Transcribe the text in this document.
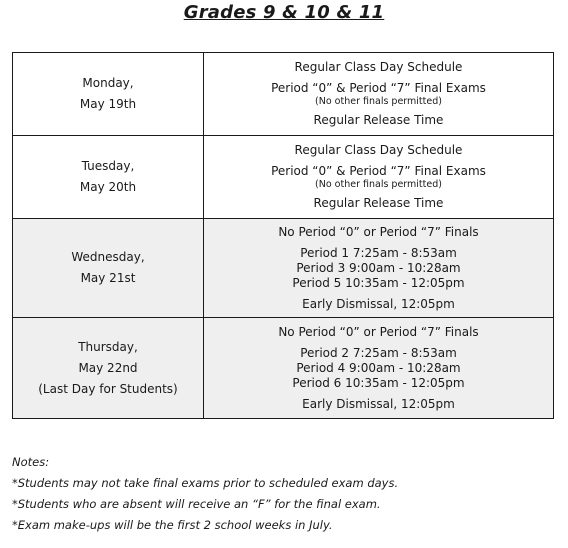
Grades 9 & 10 & 11
Monday,
May 19th	Regular Class Day Schedule
Period “0” & Period “7” Final Exams
(No other finals permitted)
Regular Release Time

Tuesday,
May 20th	Regular Class Day Schedule
Period “0” & Period “7” Final Exams
(No other finals permitted)
Regular Release Time

Wednesday,
May 21st	No Period “0” or Period “7” Finals
Period 1 7:25am - 8:53am
Period 3 9:00am - 10:28am
Period 5 10:35am - 12:05pm
Early Dismissal, 12:05pm

Thursday,
May 22nd
(Last Day for Students)	No Period “0” or Period “7” Finals
Period 2 7:25am - 8:53am
Period 4 9:00am - 10:28am
Period 6 10:35am - 12:05pm
Early Dismissal, 12:05pm
Notes:
*Students may not take final exams prior to scheduled exam days.
*Students who are absent will receive an “F” for the final exam.
*Exam make-ups will be the first 2 school weeks in July.
